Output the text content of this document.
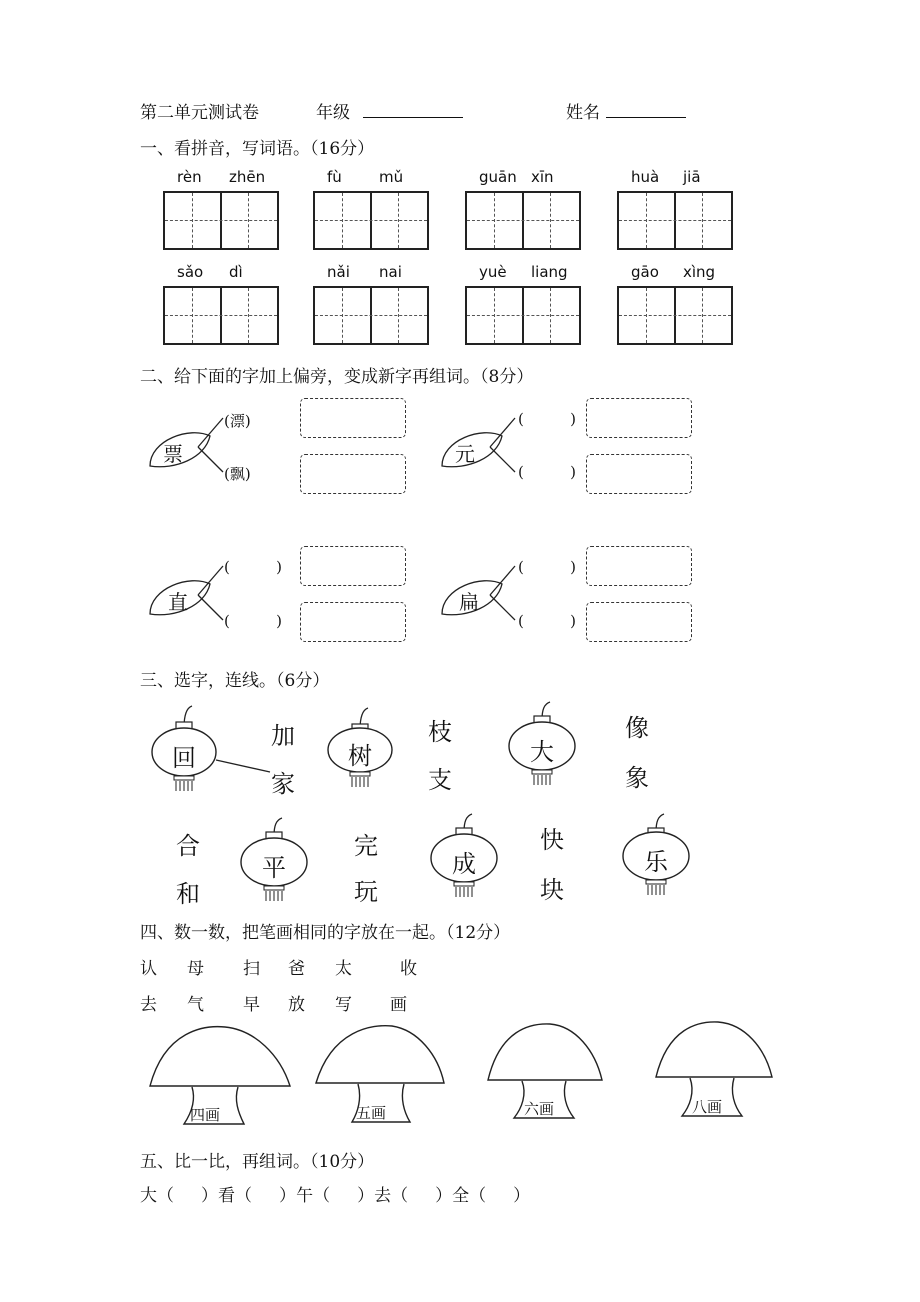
第二单元测试卷	年级	姓名
一、看拼音，写词语。（16分）
rèn zhēn	fù mǔ	guān xīn	huà jiā
sǎo dì	nǎi nai	yuè liang	gāo xìng
二、给下面的字加上偏旁，变成新字再组词。（8分）
票	元
直	扁
(漂)
(飘)
(	)
(	)
(	)
(	)
(	)
(	)
三、选字，连线。（6分）
回	树	大
平	成	乐
加
家
枝
支
像
象
合
和
完
玩
快
块
四、数一数，把笔画相同的字放在一起。（12分）
认 母 扫 爸 太	收
去 气 早 放 写 画
四画	五画	六画	八画
五、比一比，再组词。（10分）
大（     ）看（     ）午（     ）去（     ）全（     ）
